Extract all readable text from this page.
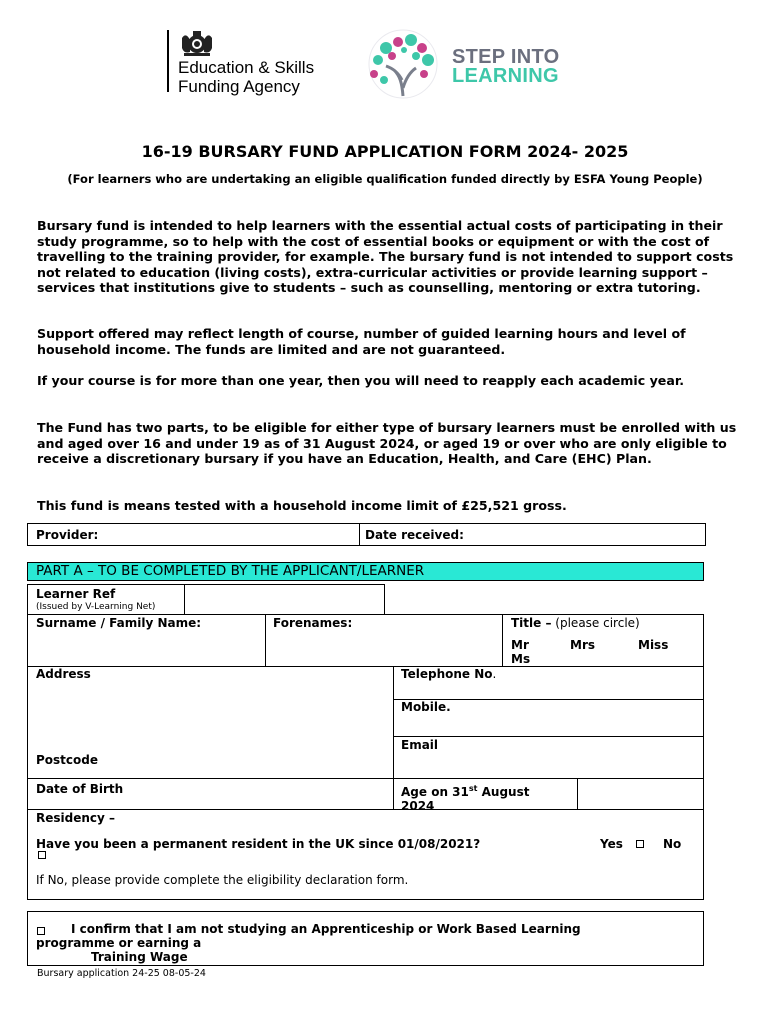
Education & Skills
Funding Agency
STEP INTO
LEARNING
16-19 BURSARY FUND APPLICATION FORM 2024- 2025
(For learners who are undertaking an eligible qualification funded directly by ESFA Young People)
Bursary fund is intended to help learners with the essential actual costs of participating in their study programme, so to help with the cost of essential books or equipment or with the cost of travelling to the training provider, for example. The bursary fund is not intended to support costs not related to education (living costs), extra-curricular activities or provide learning support – services that institutions give to students – such as counselling, mentoring or extra tutoring.
Support offered may reflect length of course, number of guided learning hours and level of household income. The funds are limited and are not guaranteed.
If your course is for more than one year, then you will need to reapply each academic year.
The Fund has two parts, to be eligible for either type of bursary learners must be enrolled with us and aged over 16 and under 19 as of 31 August 2024, or aged 19 or over who are only eligible to receive a discretionary bursary if you have an Education, Health, and Care (EHC) Plan.
This fund is means tested with a household income limit of £25,521 gross.
Provider:	Date received:
PART A – TO BE COMPLETED BY THE APPLICANT/LEARNER
Learner Ref
(Issued by V-Learning Net)
Surname / Family Name:	Forenames:	Title – (please circle)
Mr	Mrs	Miss
Ms
Address
Postcode
Telephone No.
Mobile.
Email
Date of Birth	Age on 31st August
2024
Residency –
Have you been a permanent resident in the UK since 01/08/2021?	Yes	No
If No, please provide complete the eligibility declaration form.
I confirm that I am not studying an Apprenticeship or Work Based Learning
programme or earning a
Training Wage
Bursary application 24-25 08-05-24
